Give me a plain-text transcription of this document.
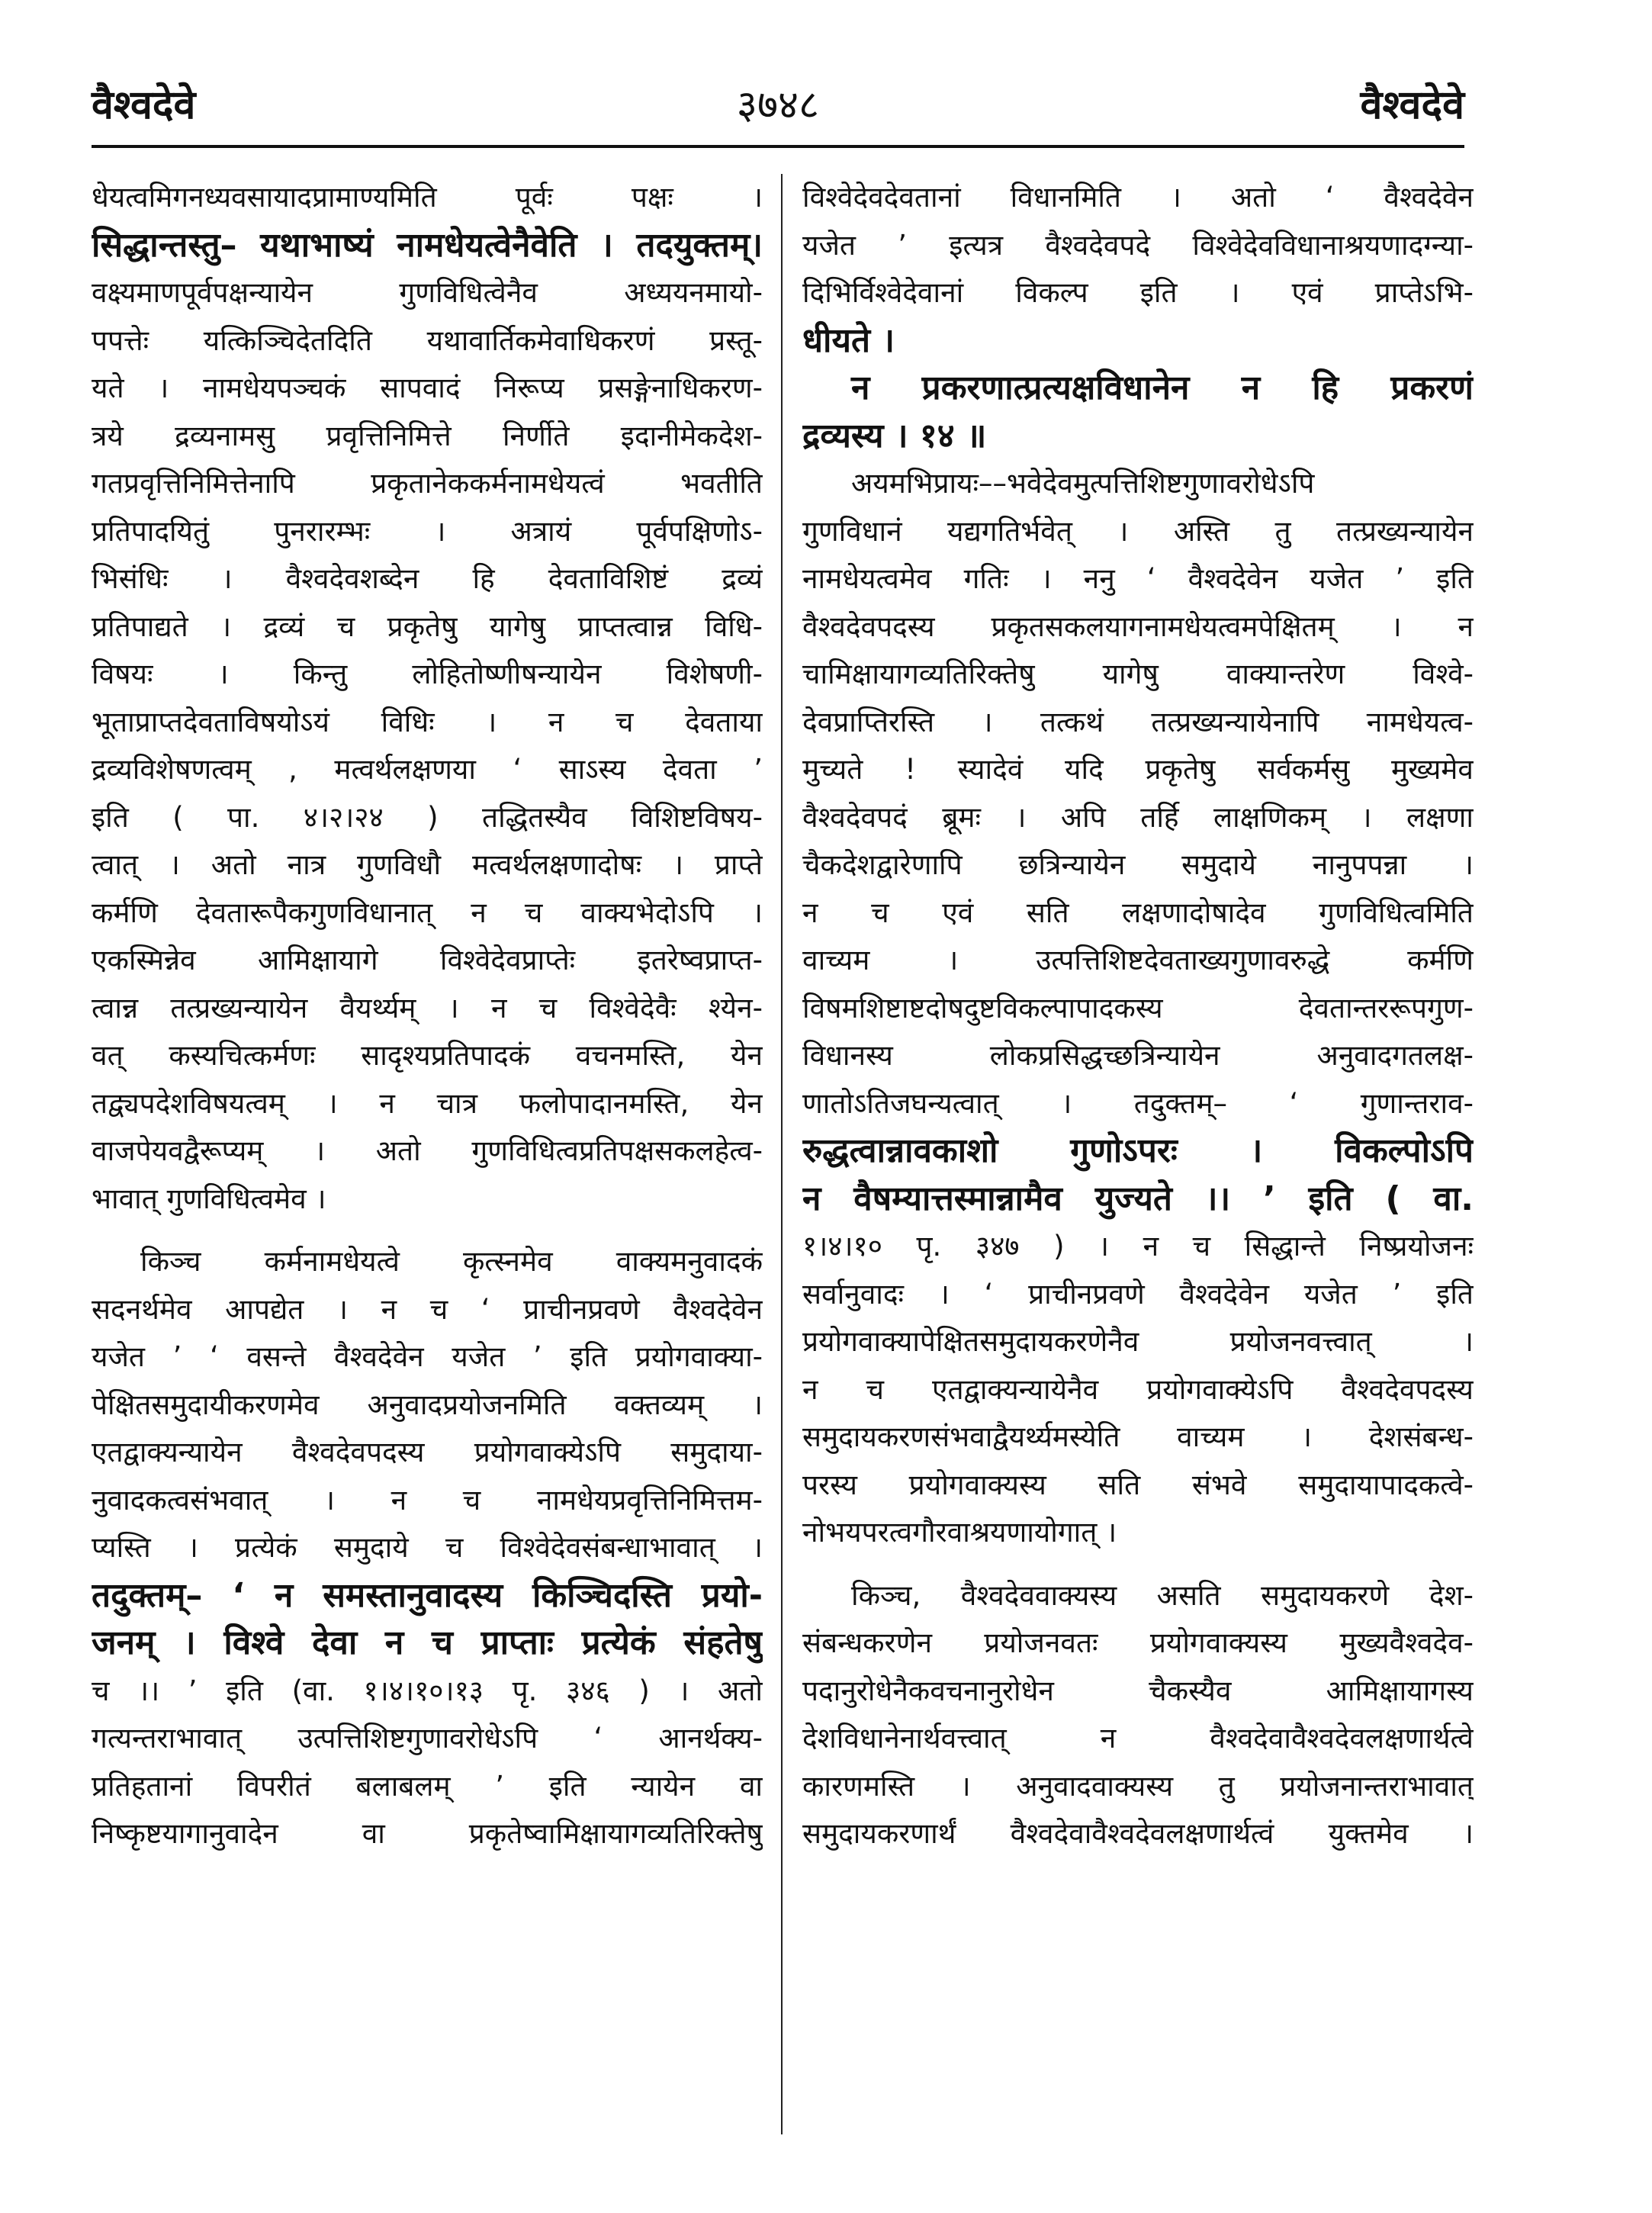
वैश्वदेवे	३७४८	वैश्वदेवे
धेयत्वमिगनध्यवसायादप्रामाण्यमिति पूर्वः पक्षः ।
सिद्धान्तस्तु– यथाभाष्यं नामधेयत्वेनैवेति । तदयुक्तम्।
वक्ष्यमाणपूर्वपक्षन्यायेन गुणविधित्वेनैव अध्ययनमायो-
पपत्तेः यत्किञ्चिदेतदिति यथावार्तिकमेवाधिकरणं प्रस्तू-
यते । नामधेयपञ्चकं सापवादं निरूप्य प्रसङ्गेनाधिकरण-
त्रये द्रव्यनामसु प्रवृत्तिनिमित्ते निर्णीते इदानीमेकदेश-
गतप्रवृत्तिनिमित्तेनापि प्रकृतानेककर्मनामधेयत्वं भवतीति
प्रतिपादयितुं पुनरारम्भः । अत्रायं पूर्वपक्षिणोऽ-
भिसंधिः । वैश्वदेवशब्देन हि देवताविशिष्टं द्रव्यं
प्रतिपाद्यते । द्रव्यं च प्रकृतेषु यागेषु प्राप्तत्वान्न विधि-
विषयः । किन्तु लोहितोष्णीषन्यायेन विशेषणी-
भूताप्राप्तदेवताविषयोऽयं विधिः । न च देवताया
द्रव्यविशेषणत्वम् , मत्वर्थलक्षणया ‘ साऽस्य देवता ’
इति ( पा. ४।२।२४ ) तद्धितस्यैव विशिष्टविषय-
त्वात् । अतो नात्र गुणविधौ मत्वर्थलक्षणादोषः । प्राप्ते
कर्मणि देवतारूपैकगुणविधानात् न च वाक्यभेदोऽपि ।
एकस्मिन्नेव आमिक्षायागे विश्वेदेवप्राप्तेः इतरेष्वप्राप्त-
त्वान्न तत्प्रख्यन्यायेन वैयर्थ्यम् । न च विश्वेदेवैः श्येन-
वत् कस्यचित्कर्मणः सादृश्यप्रतिपादकं वचनमस्ति, येन
तद्व्यपदेशविषयत्वम् । न चात्र फलोपादानमस्ति, येन
वाजपेयवद्वैरूप्यम् । अतो गुणविधित्वप्रतिपक्षसकलहेत्व-
भावात् गुणविधित्वमेव ।
किञ्च कर्मनामधेयत्वे कृत्स्नमेव वाक्यमनुवादकं
सदनर्थमेव आपद्येत । न च ‘ प्राचीनप्रवणे वैश्वदेवेन
यजेत ’ ‘ वसन्ते वैश्वदेवेन यजेत ’ इति प्रयोगवाक्या-
पेक्षितसमुदायीकरणमेव अनुवादप्रयोजनमिति वक्तव्यम् ।
एतद्वाक्यन्यायेन वैश्वदेवपदस्य प्रयोगवाक्येऽपि समुदाया-
नुवादकत्वसंभवात् । न च नामधेयप्रवृत्तिनिमित्तम-
प्यस्ति । प्रत्येकं समुदाये च विश्वेदेवसंबन्धाभावात् ।
तदुक्तम्– ‘ न समस्तानुवादस्य किञ्चिदस्ति प्रयो-
जनम् । विश्वे देवा न च प्राप्ताः प्रत्येकं संहतेषु
च ।। ’ इति (वा. १।४।१०।१३ पृ. ३४६ ) । अतो
गत्यन्तराभावात् उत्पत्तिशिष्टगुणावरोधेऽपि ‘ आनर्थक्य-
प्रतिहतानां विपरीतं बलाबलम् ’ इति न्यायेन वा
निष्कृष्टयागानुवादेन वा प्रकृतेष्वामिक्षायागव्यतिरिक्तेषु
विश्वेदेवदेवतानां विधानमिति । अतो ‘ वैश्वदेवेन
यजेत ’ इत्यत्र वैश्वदेवपदे विश्वेदेवविधानाश्रयणादग्न्या-
दिभिर्विश्वेदेवानां विकल्प इति । एवं प्राप्तेऽभि-
धीयते ।
न प्रकरणात्प्रत्यक्षविधानेन न हि प्रकरणं
द्रव्यस्य । १४ ॥
अयमभिप्रायः––भवेदेवमुत्पत्तिशिष्टगुणावरोधेऽपि
गुणविधानं यद्यगतिर्भवेत् । अस्ति तु तत्प्रख्यन्यायेन
नामधेयत्वमेव गतिः । ननु ‘ वैश्वदेवेन यजेत ’ इति
वैश्वदेवपदस्य प्रकृतसकलयागनामधेयत्वमपेक्षितम् । न
चामिक्षायागव्यतिरिक्तेषु यागेषु वाक्यान्तरेण विश्वे-
देवप्राप्तिरस्ति । तत्कथं तत्प्रख्यन्यायेनापि नामधेयत्व-
मुच्यते ! स्यादेवं यदि प्रकृतेषु सर्वकर्मसु मुख्यमेव
वैश्वदेवपदं ब्रूमः । अपि तर्हि लाक्षणिकम् । लक्षणा
चैकदेशद्वारेणापि छत्रिन्यायेन समुदाये नानुपपन्ना ।
न च एवं सति लक्षणादोषादेव गुणविधित्वमिति
वाच्यम । उत्पत्तिशिष्टदेवताख्यगुणावरुद्धे कर्मणि
विषमशिष्टाष्टदोषदुष्टविकल्पापादकस्य देवतान्तररूपगुण-
विधानस्य लोकप्रसिद्धच्छत्रिन्यायेन अनुवादगतलक्ष-
णातोऽतिजघन्यत्वात् । तदुक्तम्– ‘ गुणान्तराव-
रुद्धत्वान्नावकाशो गुणोऽपरः । विकल्पोऽपि
न वैषम्यात्तस्मान्नामैव युज्यते ।। ’ इति ( वा.
१।४।१० पृ. ३४७ ) । न च सिद्धान्ते निष्प्रयोजनः
सर्वानुवादः । ‘ प्राचीनप्रवणे वैश्वदेवेन यजेत ’ इति
प्रयोगवाक्यापेक्षितसमुदायकरणेनैव प्रयोजनवत्त्वात् ।
न च एतद्वाक्यन्यायेनैव प्रयोगवाक्येऽपि वैश्वदेवपदस्य
समुदायकरणसंभवाद्वैयर्थ्यमस्येति वाच्यम । देशसंबन्ध-
परस्य प्रयोगवाक्यस्य सति संभवे समुदायापादकत्वे-
नोभयपरत्वगौरवाश्रयणायोगात् ।
किञ्च, वैश्वदेववाक्यस्य असति समुदायकरणे देश-
संबन्धकरणेन प्रयोजनवतः प्रयोगवाक्यस्य मुख्यवैश्वदेव-
पदानुरोधेनैकवचनानुरोधेन चैकस्यैव आमिक्षायागस्य
देशविधानेनार्थवत्त्वात् न वैश्वदेवावैश्वदेवलक्षणार्थत्वे
कारणमस्ति । अनुवादवाक्यस्य तु प्रयोजनान्तराभावात्
समुदायकरणार्थं वैश्वदेवावैश्वदेवलक्षणार्थत्वं युक्तमेव ।
